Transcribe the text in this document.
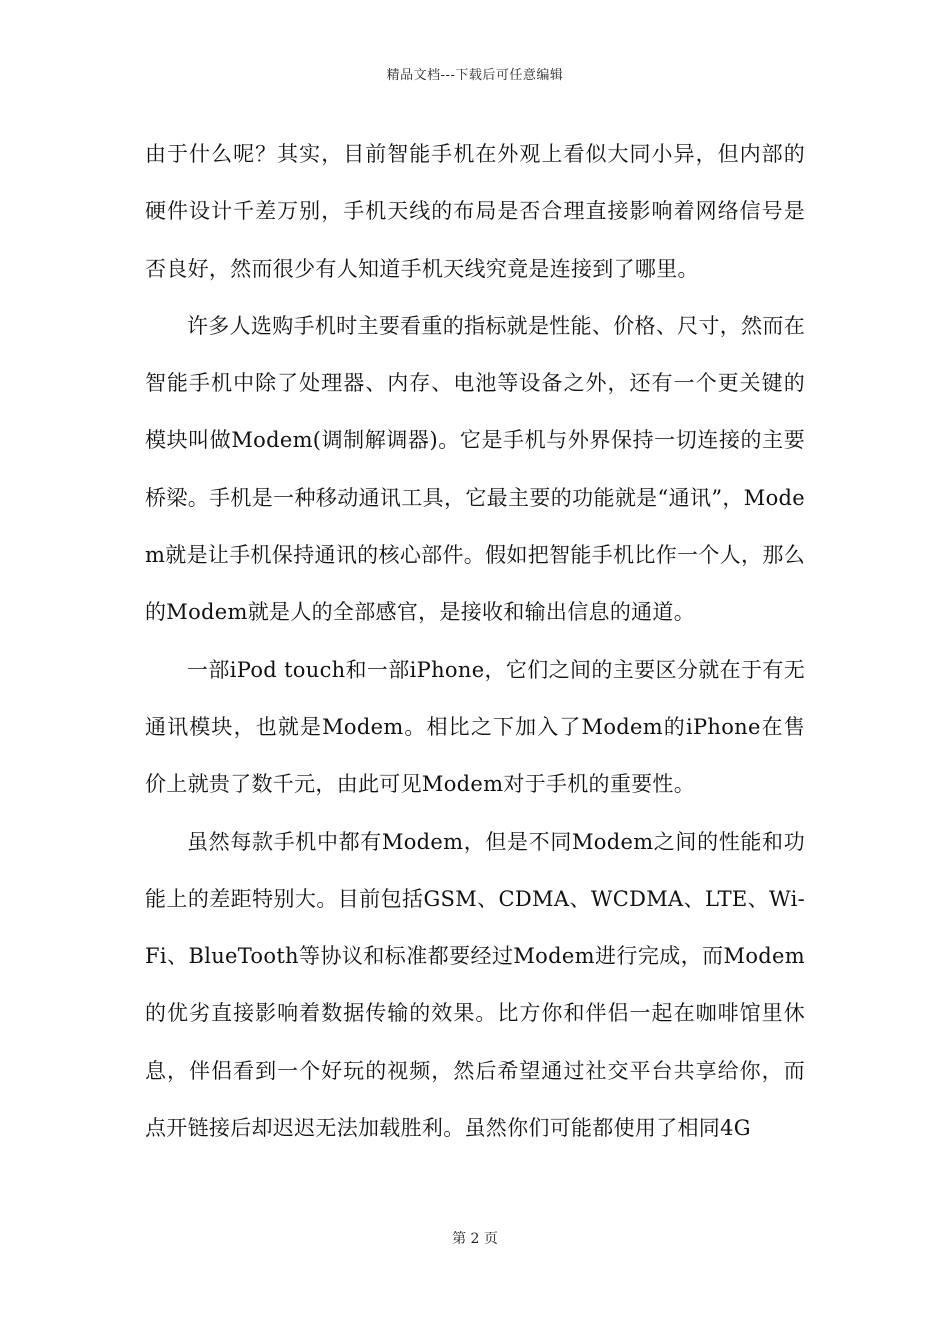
精品文档---下载后可任意编辑

由于什么呢？其实，目前智能手机在外观上看似大同小异，但内部的硬件设计千差万别，手机天线的布局是否合理直接影响着网络信号是否良好，然而很少有人知道手机天线究竟是连接到了哪里。

许多人选购手机时主要看重的指标就是性能、价格、尺寸，然而在智能手机中除了处理器、内存、电池等设备之外，还有一个更关键的模块叫做Modem(调制解调器)。它是手机与外界保持一切连接的主要桥梁。手机是一种移动通讯工具，它最主要的功能就是“通讯”，Modem就是让手机保持通讯的核心部件。假如把智能手机比作一个人，那么的Modem就是人的全部感官，是接收和输出信息的通道。

一部iPod touch和一部iPhone，它们之间的主要区分就在于有无通讯模块，也就是Modem。相比之下加入了Modem的iPhone在售价上就贵了数千元，由此可见Modem对于手机的重要性。

虽然每款手机中都有Modem，但是不同Modem之间的性能和功能上的差距特别大。目前包括GSM、CDMA、WCDMA、LTE、Wi-Fi、BlueTooth等协议和标准都要经过Modem进行完成，而Modem的优劣直接影响着数据传输的效果。比方你和伴侣一起在咖啡馆里休息，伴侣看到一个好玩的视频，然后希望通过社交平台共享给你，而点开链接后却迟迟无法加载胜利。虽然你们可能都使用了相同4G

第 2 页
